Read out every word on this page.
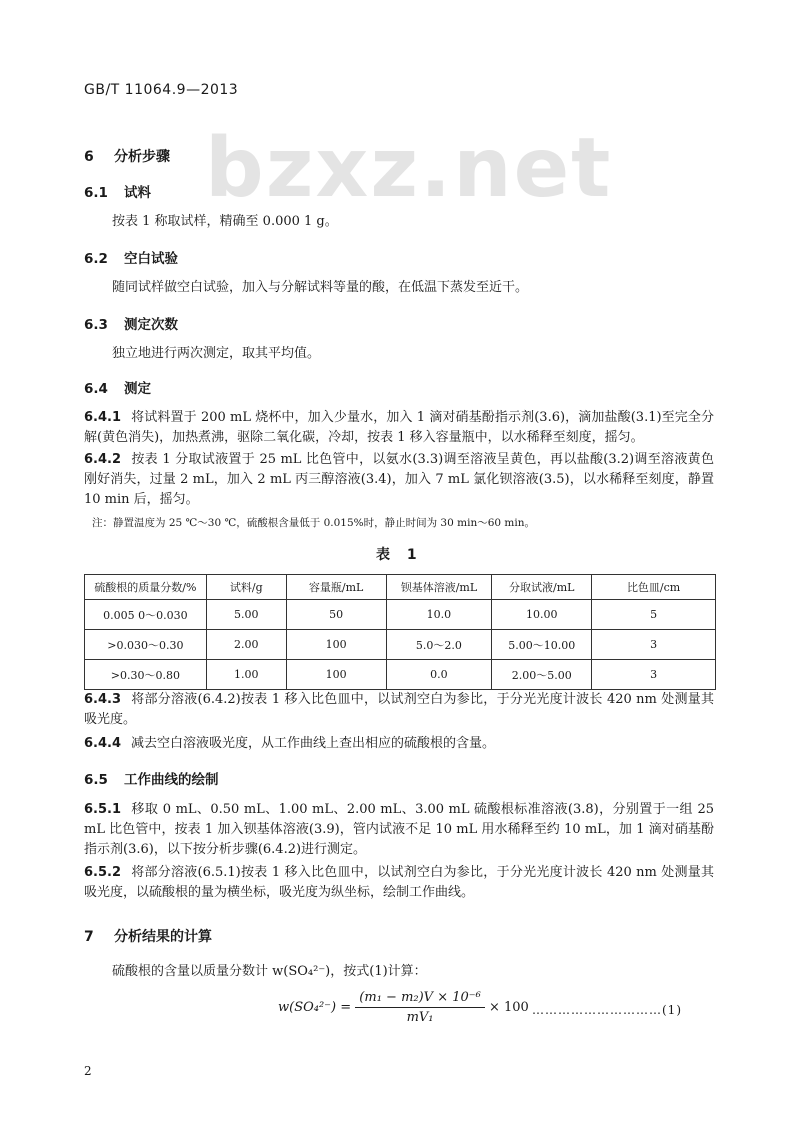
GB/T 11064.9—2013
bzxz.net
6 分析步骤
6.1 试料
按表 1 称取试样，精确至 0.000 1 g。
6.2 空白试验
随同试样做空白试验，加入与分解试料等量的酸，在低温下蒸发至近干。
6.3 测定次数
独立地进行两次测定，取其平均值。
6.4 测定
6.4.1 将试料置于 200 mL 烧杯中，加入少量水，加入 1 滴对硝基酚指示剂(3.6)，滴加盐酸(3.1)至完全分解(黄色消失)，加热煮沸，驱除二氧化碳，冷却，按表 1 移入容量瓶中，以水稀释至刻度，摇匀。
6.4.2 按表 1 分取试液置于 25 mL 比色管中，以氨水(3.3)调至溶液呈黄色，再以盐酸(3.2)调至溶液黄色刚好消失，过量 2 mL，加入 2 mL 丙三醇溶液(3.4)，加入 7 mL 氯化钡溶液(3.5)，以水稀释至刻度，静置 10 min 后，摇匀。
注：静置温度为 25 ℃～30 ℃，硫酸根含量低于 0.015%时，静止时间为 30 min～60 min。
表 1
硫酸根的质量分数/%	试料/g	容量瓶/mL	钡基体溶液/mL	分取试液/mL	比色皿/cm
0.005 0～0.030	5.00	50	10.0	10.00	5
>0.030～0.30	2.00	100	5.0～2.0	5.00～10.00	3
>0.30～0.80	1.00	100	0.0	2.00～5.00	3
6.4.3 将部分溶液(6.4.2)按表 1 移入比色皿中，以试剂空白为参比，于分光光度计波长 420 nm 处测量其吸光度。
6.4.4 减去空白溶液吸光度，从工作曲线上查出相应的硫酸根的含量。
6.5 工作曲线的绘制
6.5.1 移取 0 mL、0.50 mL、1.00 mL、2.00 mL、3.00 mL 硫酸根标准溶液(3.8)，分别置于一组 25 mL 比色管中，按表 1 加入钡基体溶液(3.9)，管内试液不足 10 mL 用水稀释至约 10 mL，加 1 滴对硝基酚指示剂(3.6)，以下按分析步骤(6.4.2)进行测定。
6.5.2 将部分溶液(6.5.1)按表 1 移入比色皿中，以试剂空白为参比，于分光光度计波长 420 nm 处测量其吸光度，以硫酸根的量为横坐标，吸光度为纵坐标，绘制工作曲线。
7 分析结果的计算
硫酸根的含量以质量分数计 w(SO₄²⁻)，按式(1)计算：
$w(SO_4^{2-}) = \frac{\text{(m₁ − m₂)V × 10⁻⁶}}{\text{mV₁}} \times 100$ …………………………(1)
2
